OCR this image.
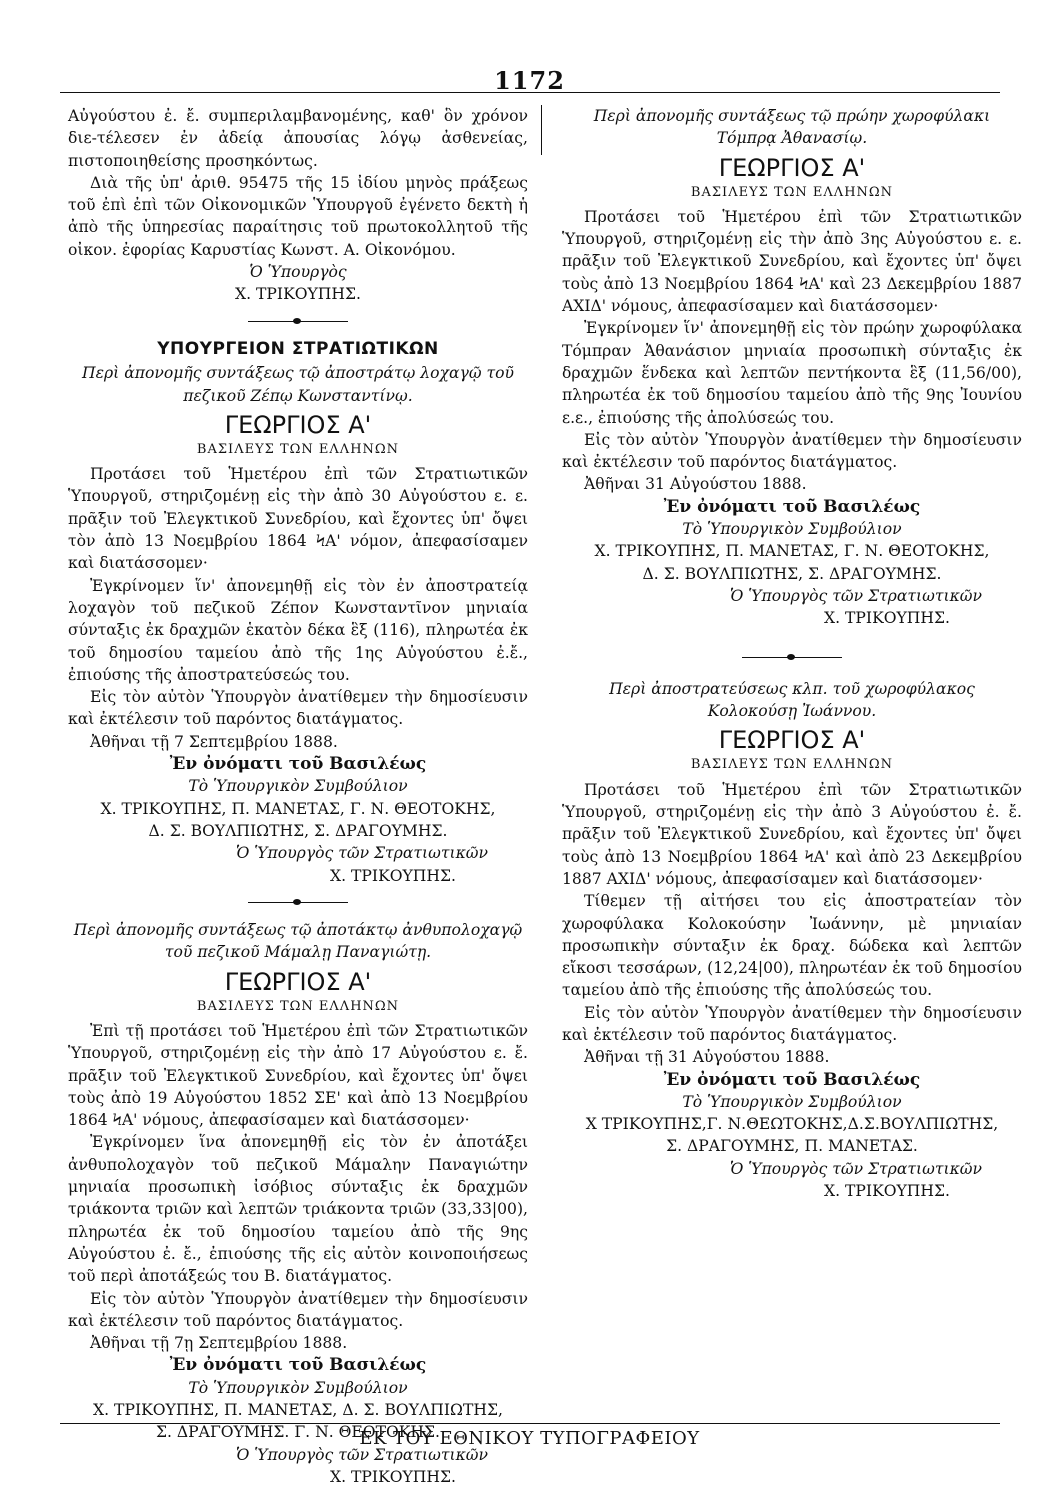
1172

Αὐγούστου ἐ. ἔ. συμπεριλαμβανομένης, καθ' ὃν χρόνον διε-τέλεσεν ἐν ἀδείᾳ ἀπουσίας λόγῳ ἀσθενείας, πιστοποιηθείσης προσηκόντως.

Διὰ τῆς ὑπ' ἀριθ. 95475 τῆς 15 ἰδίου μηνὸς πράξεως τοῦ ἐπὶ ἐπὶ τῶν Οἰκονομικῶν Ὑπουργοῦ ἐγένετο δεκτὴ ἡ ἀπὸ τῆς ὑπηρεσίας παραίτησις τοῦ πρωτοκολλητοῦ τῆς οἰκον. ἐφορίας Καρυστίας Κωνστ. Α. Οἰκονόμου.

Ὁ Ὑπουργὸς

Χ. ΤΡΙΚΟΥΠΗΣ.

ΥΠΟΥΡΓΕΙΟΝ ΣΤΡΑΤΙΩΤΙΚΩΝ

Περὶ ἀπονομῆς συντάξεως τῷ ἀποστράτῳ λοχαγῷ τοῦ πεζικοῦ Ζέπῳ Κωνσταντίνῳ.

ΓΕΩΡΓΙΟΣ Α'

ΒΑΣΙΛΕΥΣ ΤΩΝ ΕΛΛΗΝΩΝ

Προτάσει τοῦ Ἡμετέρου ἐπὶ τῶν Στρατιωτικῶν Ὑπουργοῦ, στηριζομένῃ εἰς τὴν ἀπὸ 30 Αὐγούστου ε. ε. πρᾶξιν τοῦ Ἐλεγκτικοῦ Συνεδρίου, καὶ ἔχοντες ὑπ' ὄψει τὸν ἀπὸ 13 Νοεμβρίου 1864 ϞΑ' νόμον, ἀπεφασίσαμεν καὶ διατάσσομεν·

Ἐγκρίνομεν ἵν' ἀπονεμηθῇ εἰς τὸν ἐν ἀποστρατείᾳ λοχαγὸν τοῦ πεζικοῦ Ζέπον Κωνσταντῖνον μηνιαία σύνταξις ἐκ δραχμῶν ἑκατὸν δέκα ἓξ (116), πληρωτέα ἐκ τοῦ δημοσίου ταμείου ἀπὸ τῆς 1ης Αὐγούστου ἐ.ἔ., ἐπιούσης τῆς ἀποστρατεύσεώς του.

Εἰς τὸν αὐτὸν Ὑπουργὸν ἀνατίθεμεν τὴν δημοσίευσιν καὶ ἐκτέλεσιν τοῦ παρόντος διατάγματος.

Ἀθῆναι τῇ 7 Σεπτεμβρίου 1888.

Ἐν ὀνόματι τοῦ Βασιλέως

Τὸ Ὑπουργικὸν Συμβούλιον

Χ. ΤΡΙΚΟΥΠΗΣ, Π. ΜΑΝΕΤΑΣ, Γ. Ν. ΘΕΟΤΟΚΗΣ,

Δ. Σ. ΒΟΥΛΠΙΩΤΗΣ, Σ. ΔΡΑΓΟΥΜΗΣ.

Ὁ Ὑπουργὸς τῶν Στρατιωτικῶν

Χ. ΤΡΙΚΟΥΠΗΣ.

Περὶ ἀπονομῆς συντάξεως τῷ ἀποτάκτῳ ἀνθυπολοχαγῷ τοῦ πεζικοῦ Μάμαλῃ Παναγιώτῃ.

ΓΕΩΡΓΙΟΣ Α'

ΒΑΣΙΛΕΥΣ ΤΩΝ ΕΛΛΗΝΩΝ

Ἐπὶ τῇ προτάσει τοῦ Ἡμετέρου ἐπὶ τῶν Στρατιωτικῶν Ὑπουργοῦ, στηριζομένῃ εἰς τὴν ἀπὸ 17 Αὐγούστου ε. ἔ. πρᾶξιν τοῦ Ἐλεγκτικοῦ Συνεδρίου, καὶ ἔχοντες ὑπ' ὄψει τοὺς ἀπὸ 19 Αὐγούστου 1852 ΣΕ' καὶ ἀπὸ 13 Νοεμβρίου 1864 ϞΑ' νόμους, ἀπεφασίσαμεν καὶ διατάσσομεν·

Ἐγκρίνομεν ἵνα ἀπονεμηθῇ εἰς τὸν ἐν ἀποτάξει ἀνθυπολοχαγὸν τοῦ πεζικοῦ Μάμαλην Παναγιώτην μηνιαία προσωπικὴ ἰσόβιος σύνταξις ἐκ δραχμῶν τριάκοντα τριῶν καὶ λεπτῶν τριάκοντα τριῶν (33,33|00), πληρωτέα ἐκ τοῦ δημοσίου ταμείου ἀπὸ τῆς 9ης Αὐγούστου ἐ. ἔ., ἐπιούσης τῆς εἰς αὐτὸν κοινοποιήσεως τοῦ περὶ ἀποτάξεώς του Β. διατάγματος.

Εἰς τὸν αὐτὸν Ὑπουργὸν ἀνατίθεμεν τὴν δημοσίευσιν καὶ ἐκτέλεσιν τοῦ παρόντος διατάγματος.

Ἀθῆναι τῇ 7ῃ Σεπτεμβρίου 1888.

Ἐν ὀνόματι τοῦ Βασιλέως

Τὸ Ὑπουργικὸν Συμβούλιον

Χ. ΤΡΙΚΟΥΠΗΣ, Π. ΜΑΝΕΤΑΣ, Δ. Σ. ΒΟΥΛΠΙΩΤΗΣ,

Σ. ΔΡΑΓΟΥΜΗΣ. Γ. Ν. ΘΕΟΤΟΚΗΣ.

Ὁ Ὑπουργὸς τῶν Στρατιωτικῶν

Χ. ΤΡΙΚΟΥΠΗΣ.

Περὶ ἀπονομῆς συντάξεως τῷ πρώην χωροφύλακι Τόμπρᾳ Ἀθανασίῳ.

ΓΕΩΡΓΙΟΣ Α'

ΒΑΣΙΛΕΥΣ ΤΩΝ ΕΛΛΗΝΩΝ

Προτάσει τοῦ Ἡμετέρου ἐπὶ τῶν Στρατιωτικῶν Ὑπουργοῦ, στηριζομένῃ εἰς τὴν ἀπὸ 3ης Αὐγούστου ε. ε. πρᾶξιν τοῦ Ἐλεγκτικοῦ Συνεδρίου, καὶ ἔχοντες ὑπ' ὄψει τοὺς ἀπὸ 13 Νοεμβρίου 1864 ϞΑ' καὶ 23 Δεκεμβρίου 1887 ΑΧΙΔ' νόμους, ἀπεφασίσαμεν καὶ διατάσσομεν·

Ἐγκρίνομεν ἵν' ἀπονεμηθῇ εἰς τὸν πρώην χωροφύλακα Τόμπραν Ἀθανάσιον μηνιαία προσωπικὴ σύνταξις ἐκ δραχμῶν ἕνδεκα καὶ λεπτῶν πεντήκοντα ἓξ (11,56/00), πληρωτέα ἐκ τοῦ δημοσίου ταμείου ἀπὸ τῆς 9ης Ἰουνίου ε.ε., ἐπιούσης τῆς ἀπολύσεώς του.

Εἰς τὸν αὐτὸν Ὑπουργὸν ἀνατίθεμεν τὴν δημοσίευσιν καὶ ἐκτέλεσιν τοῦ παρόντος διατάγματος.

Ἀθῆναι 31 Αὐγούστου 1888.

Ἐν ὀνόματι τοῦ Βασιλέως

Τὸ Ὑπουργικὸν Συμβούλιον

Χ. ΤΡΙΚΟΥΠΗΣ, Π. ΜΑΝΕΤΑΣ, Γ. Ν. ΘΕΟΤΟΚΗΣ,

Δ. Σ. ΒΟΥΛΠΙΩΤΗΣ, Σ. ΔΡΑΓΟΥΜΗΣ.

Ὁ Ὑπουργὸς τῶν Στρατιωτικῶν

Χ. ΤΡΙΚΟΥΠΗΣ.

Περὶ ἀποστρατεύσεως κλπ. τοῦ χωροφύλακος Κολοκούσῃ Ἰωάννου.

ΓΕΩΡΓΙΟΣ Α'

ΒΑΣΙΛΕΥΣ ΤΩΝ ΕΛΛΗΝΩΝ

Προτάσει τοῦ Ἡμετέρου ἐπὶ τῶν Στρατιωτικῶν Ὑπουργοῦ, στηριζομένῃ εἰς τὴν ἀπὸ 3 Αὐγούστου ἐ. ἔ. πρᾶξιν τοῦ Ἐλεγκτικοῦ Συνεδρίου, καὶ ἔχοντες ὑπ' ὄψει τοὺς ἀπὸ 13 Νοεμβρίου 1864 ϞΑ' καὶ ἀπὸ 23 Δεκεμβρίου 1887 ΑΧΙΔ' νόμους, ἀπεφασίσαμεν καὶ διατάσσομεν·

Τίθεμεν τῇ αἰτήσει του εἰς ἀποστρατείαν τὸν χωροφύλακα Κολοκούσην Ἰωάννην, μὲ μηνιαίαν προσωπικὴν σύνταξιν ἐκ δραχ. δώδεκα καὶ λεπτῶν εἴκοσι τεσσάρων, (12,24|00), πληρωτέαν ἐκ τοῦ δημοσίου ταμείου ἀπὸ τῆς ἐπιούσης τῆς ἀπολύσεώς του.

Εἰς τὸν αὐτὸν Ὑπουργὸν ἀνατίθεμεν τὴν δημοσίευσιν καὶ ἐκτέλεσιν τοῦ παρόντος διατάγματος.

Ἀθῆναι τῇ 31 Αὐγούστου 1888.

Ἐν ὀνόματι τοῦ Βασιλέως

Τὸ Ὑπουργικὸν Συμβούλιον

Χ ΤΡΙΚΟΥΠΗΣ,Γ. Ν.ΘΕΩΤΟΚΗΣ,Δ.Σ.ΒΟΥΛΠΙΩΤΗΣ,

Σ. ΔΡΑΓΟΥΜΗΣ, Π. ΜΑΝΕΤΑΣ.

Ὁ Ὑπουργὸς τῶν Στρατιωτικῶν

Χ. ΤΡΙΚΟΥΠΗΣ.

ΕΚ ΤΟΥ ΕΘΝΙΚΟΥ ΤΥΠΟΓΡΑΦΕΙΟΥ
